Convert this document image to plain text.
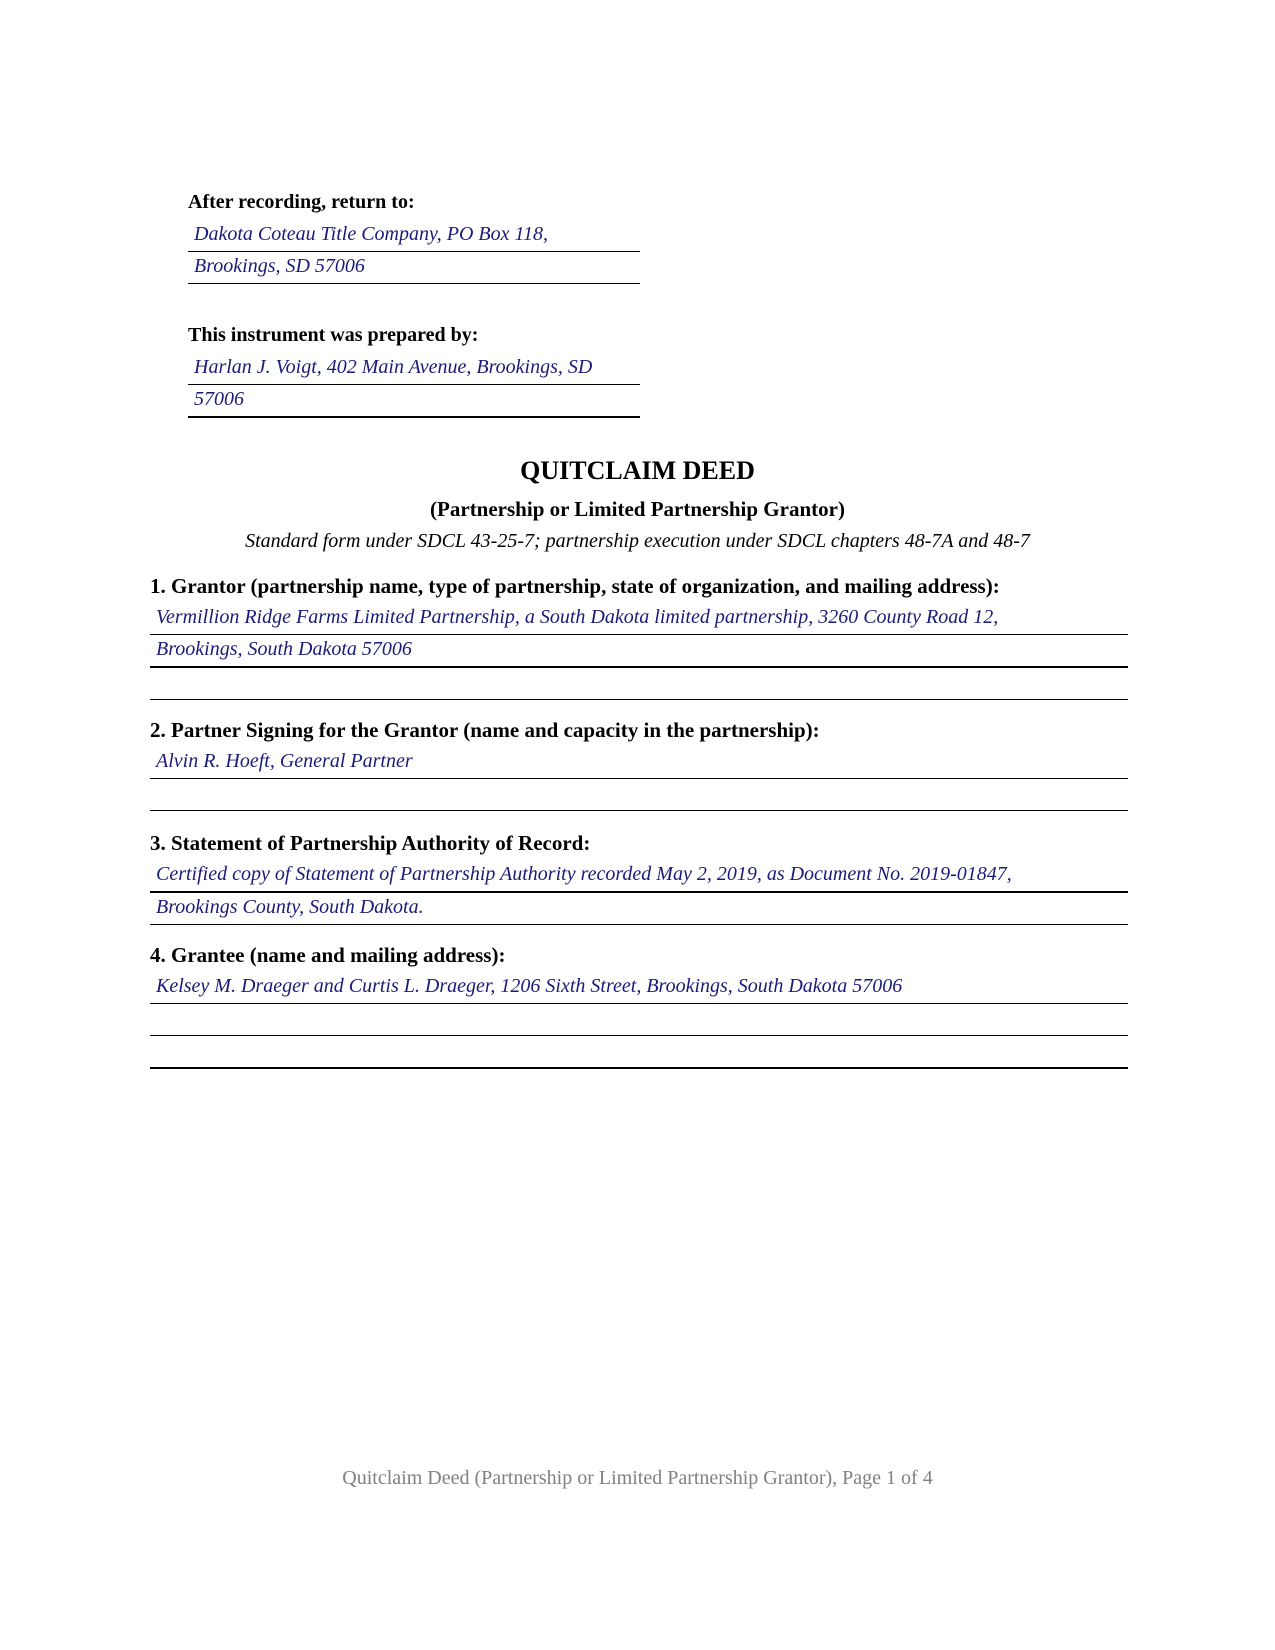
After recording, return to:
Dakota Coteau Title Company, PO Box 118,
Brookings, SD 57006
This instrument was prepared by:
Harlan J. Voigt, 402 Main Avenue, Brookings, SD
57006
QUITCLAIM DEED
(Partnership or Limited Partnership Grantor)
Standard form under SDCL 43-25-7; partnership execution under SDCL chapters 48-7A and 48-7
1. Grantor (partnership name, type of partnership, state of organization, and mailing address):
Vermillion Ridge Farms Limited Partnership, a South Dakota limited partnership, 3260 County Road 12,
Brookings, South Dakota 57006
2. Partner Signing for the Grantor (name and capacity in the partnership):
Alvin R. Hoeft, General Partner
3. Statement of Partnership Authority of Record:
Certified copy of Statement of Partnership Authority recorded May 2, 2019, as Document No. 2019-01847,
Brookings County, South Dakota.
4. Grantee (name and mailing address):
Kelsey M. Draeger and Curtis L. Draeger, 1206 Sixth Street, Brookings, South Dakota 57006
Quitclaim Deed (Partnership or Limited Partnership Grantor), Page 1 of 4
